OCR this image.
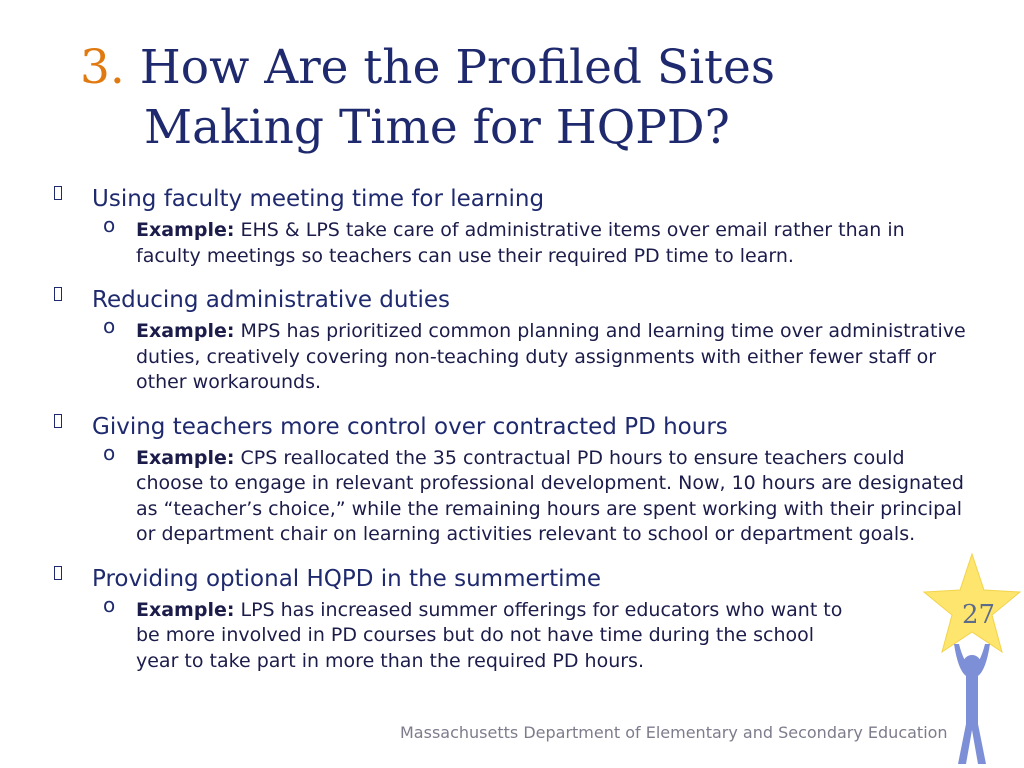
3. How Are the Profiled Sites
Making Time for HQPD?
Using faculty meeting time for learning
o Example: EHS & LPS take care of administrative items over email rather than in faculty meetings so teachers can use their required PD time to learn.
Reducing administrative duties
o Example: MPS has prioritized common planning and learning time over administrative duties, creatively covering non-teaching duty assignments with either fewer staff or other workarounds.
Giving teachers more control over contracted PD hours
o Example: CPS reallocated the 35 contractual PD hours to ensure teachers could choose to engage in relevant professional development. Now, 10 hours are designated as “teacher’s choice,” while the remaining hours are spent working with their principal or department chair on learning activities relevant to school or department goals.
Providing optional HQPD in the summertime
o Example: LPS has increased summer offerings for educators who want to be more involved in PD courses but do not have time during the school year to take part in more than the required PD hours.
27
Massachusetts Department of Elementary and Secondary Education
